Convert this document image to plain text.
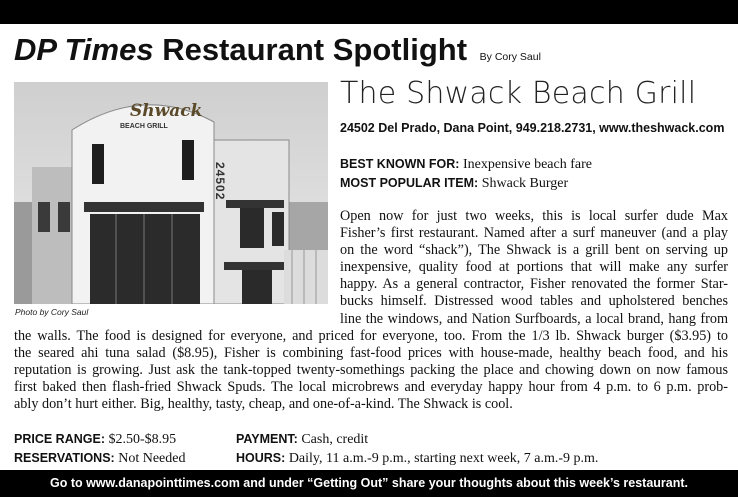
DP Times Restaurant Spotlight By Cory Saul
Shwack
BEACH GRILL
24502
Photo by Cory Saul
The Shwack Beach Grill
24502 Del Prado, Dana Point, 949.218.2731, www.theshwack.com
BEST KNOWN FOR: Inexpensive beach fare
MOST POPULAR ITEM: Shwack Burger
Open now for just two weeks, this is local surfer dude Max
Fisher’s first restaurant. Named after a surf maneuver (and a play
on the word “shack”), The Shwack is a grill bent on serving up
inexpensive, quality food at portions that will make any surfer
happy. As a general contractor, Fisher renovated the former Star-
bucks himself. Distressed wood tables and upholstered benches
line the windows, and Nation Surfboards, a local brand, hang from
the walls. The food is designed for everyone, and priced for everyone, too. From the 1/3 lb. Shwack burger ($3.95) to
the seared ahi tuna salad ($8.95), Fisher is combining fast-food prices with house-made, healthy beach food, and his
reputation is growing. Just ask the tank-topped twenty-somethings packing the place and chowing down on now famous
first baked then flash-fried Shwack Spuds. The local microbrews and everyday happy hour from 4 p.m. to 6 p.m. prob-
ably don’t hurt either. Big, healthy, tasty, cheap, and one-of-a-kind. The Shwack is cool.
PRICE RANGE: $2.50-$8.95
RESERVATIONS: Not Needed
PAYMENT: Cash, credit
HOURS: Daily, 11 a.m.-9 p.m., starting next week, 7 a.m.-9 p.m.
Go to www.danapointtimes.com and under “Getting Out” share your thoughts about this week’s restaurant.
